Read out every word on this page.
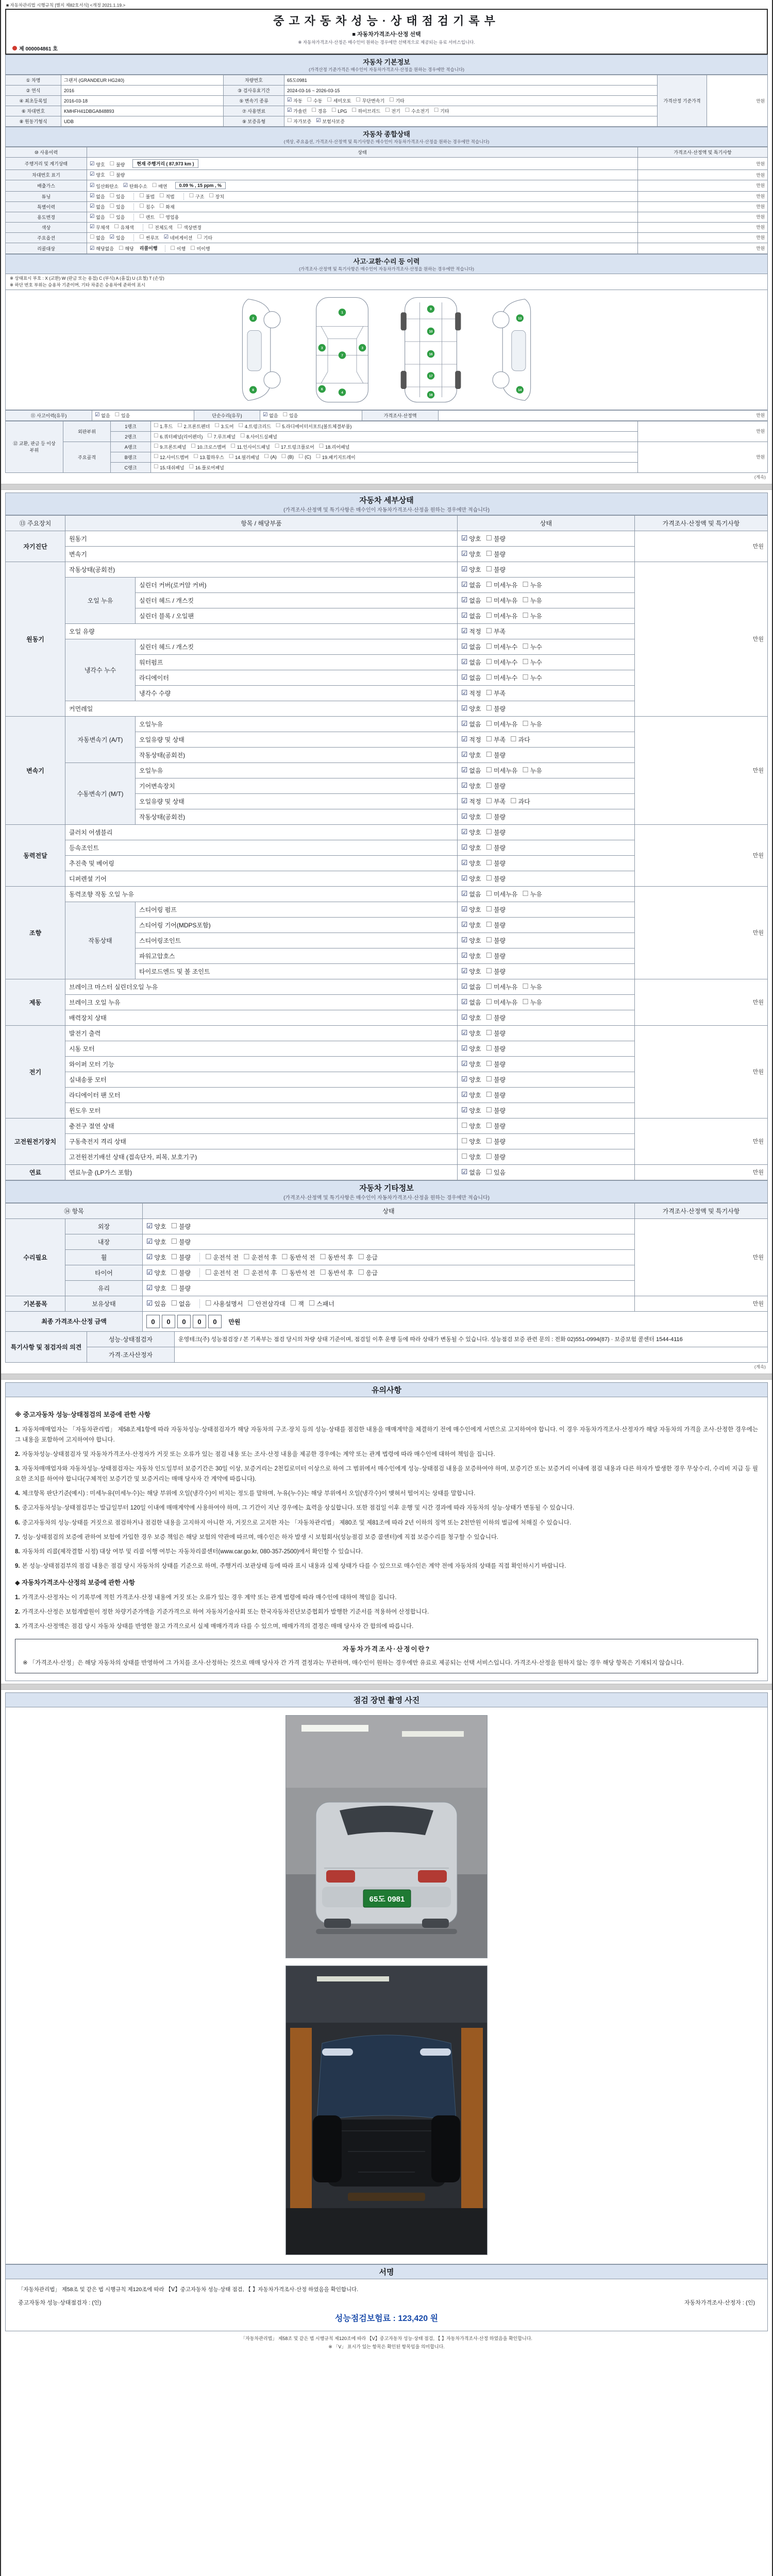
■ 자동차관리법 시행규칙 [별지 제82호서식] <개정 2021.1.19.>
중고자동차성능·상태점검기록부
■ 자동차가격조사·산정 선택
※ 자동차가격조사·산정은 매수인이 원하는 경우에만 선택적으로 제공되는 유료 서비스입니다.
제 000004861 호
자동차 기본정보
(가격산정 기준가격은 매수인이 자동차가격조사·산정을 원하는 경우에만 적습니다)
① 차명	그랜저 (GRANDEUR HG240)	차량번호	65도0981	가격산정 기준가격	만원
② 연식	2016	③ 검사유효기간	2024-03-16 ~ 2026-03-15		
④ 최초등록일	2016-03-18	⑤ 변속기 종류	☑ 자동 ☐ 수동 ☐ 세미오토 ☐ 무단변속기 ☐ 기타
⑥ 차대번호	KMHFH41DBGA848893	⑦ 사용연료	☑ 가솔린 ☐ 경유 ☐ LPG ☐ 하이브리드 ☐ 전기 ☐ 수소전기 ☐ 기타
⑧ 원동기형식	UDB	⑨ 보증유형	☐ 자가보증 ☑ 보험사보증		
자동차 종합상태
(색상, 주요옵션, 가격조사·산정액 및 특기사항은 매수인이 자동차가격조사·산정을 원하는 경우에만 적습니다)
⑩ 사용이력	상태	가격조사·산정액 및 특기사항
주행거리 및 계기상태	☑ 양호 ☐ 불량 현재 주행거리 ( 87,973 km )	만원
차대번호 표기	☑ 양호 ☐ 불량	만원
배출가스	☑ 일산화탄소 ☑ 탄화수소 ☐ 매연	0.09 % , 15 ppm , %	만원
튜닝	☑ 없음 ☐ 있음	☐ 불법 ☐ 적법	☐ 구조 ☐ 장치	만원
특별이력	☑ 없음 ☐ 있음	☐ 침수 ☐ 화재	만원
용도변경	☑ 없음 ☐ 있음	☐ 렌트 ☐ 영업용	만원
색상	☑ 무채색 ☐ 유채색	☐ 전체도색 ☐ 색상변경	만원
주요옵션	☐ 없음 ☑ 있음	☐ 썬루프 ☑ 네비게이션 ☐ 기타	만원
리콜대상	☑ 해당없음 ☐ 해당 리콜이행 ☐ 이행 ☐ 미이행	만원
사고·교환·수리 등 이력
(가격조사·산정액 및 특기사항은 매수인이 자동차가격조사·산정을 원하는 경우에만 적습니다)
※ 상태표시 부호 : X (교환) W (판금 또는 용접) C (부식) A (흠집) U (요철) T (손상)
※ 하단 번호 부위는 승용차 기준이며, 기타 차종은 승용차에 준하여 표시
2
8
1
3	3
7
6
4
9
10
16
17
18
13
14
⑪ 사고이력(유무)	☑ 없음 ☐ 있음	단순수리(유무)	☑ 없음 ☐ 있음	가격조사·산정액	만원
⑫ 교환, 판금 등 이상 부위	외판부위	1랭크	☐ 1.후드 ☐ 2.프론트펜더 ☐ 3.도어 ☐ 4.트렁크리드 ☐ 5.라디에이터서포트(볼트체결부품)	만원
2랭크	☐ 6.쿼터패널(리어펜더) ☐ 7.루프패널 ☐ 8.사이드실패널
주요골격	A랭크	☐ 9.프론트패널 ☐ 10.크로스멤버 ☐ 11.인사이드패널 ☐ 17.트렁크플로어 ☐ 18.리어패널	만원
B랭크	☐ 12.사이드멤버 ☐ 13.휠하우스 ☐ 14.필러패널 ☐ (A) ☐ (B) ☐ (C) ☐ 19.패키지트레이
		C랭크	☐ 15.대쉬패널 ☐ 16.플로어패널	
(계속)
자동차 세부상태
(가격조사·산정액 및 특기사항은 매수인이 자동차가격조사·산정을 원하는 경우에만 적습니다)
⑬ 주요장치	항목 / 해당부품		상태	가격조사·산정액 및 특기사항
자기진단	원동기		☑ 양호 ☐ 불량	만원
	변속기		☑ 양호 ☐ 불량	
원동기	작동상태(공회전)		☑ 양호 ☐ 불량	만원
오일 누유	실린더 커버(로커암 커버)	☑ 없음 ☐ 미세누유 ☐ 누유
실린더 헤드 / 개스킷	☑ 없음 ☐ 미세누유 ☐ 누유
실린더 블록 / 오일팬	☑ 없음 ☐ 미세누유 ☐ 누유
	오일 유량		☑ 적정 ☐ 부족	
냉각수 누수	실린더 헤드 / 개스킷	☑ 없음 ☐ 미세누수 ☐ 누수
워터펌프	☑ 없음 ☐ 미세누수 ☐ 누수
라디에이터	☑ 없음 ☐ 미세누수 ☐ 누수
		냉각수 수량	☑ 적정 ☐ 부족	
	커먼레일		☑ 양호 ☐ 불량	
변속기	자동변속기 (A/T)	오일누유	☑ 없음 ☐ 미세누유 ☐ 누유	만원
오일유량 및 상태	☑ 적정 ☐ 부족 ☐ 과다
		작동상태(공회전)	☑ 양호 ☐ 불량	
수동변속기 (M/T)	오일누유	☑ 없음 ☐ 미세누유 ☐ 누유
		기어변속장치	☑ 양호 ☐ 불량	
오일유량 및 상태	☑ 적정 ☐ 부족 ☐ 과다
		작동상태(공회전)	☑ 양호 ☐ 불량	
동력전달	클러치 어셈블리		☑ 양호 ☐ 불량	만원
	등속조인트		☑ 양호 ☐ 불량	
	추진축 및 베어링		☑ 양호 ☐ 불량	
	디퍼렌셜 기어		☑ 양호 ☐ 불량	
조향	동력조향 작동 오일 누유	☑ 없음 ☐ 미세누유 ☐ 누유	만원
	작동상태	스티어링 펌프	☑ 양호 ☐ 불량	
		스티어링 기어(MDPS포함)	☑ 양호 ☐ 불량	
		스티어링조인트	☑ 양호 ☐ 불량	
		파워고압호스	☑ 양호 ☐ 불량	
		타이로드엔드 및 볼 조인트	☑ 양호 ☐ 불량	
제동	브레이크 마스터 실린더오일 누유	☑ 없음 ☐ 미세누유 ☐ 누유	만원
브레이크 오일 누유	☑ 없음 ☐ 미세누유 ☐ 누유
	배력장치 상태		☑ 양호 ☐ 불량	
전기	발전기 출력		☑ 양호 ☐ 불량	만원
	시동 모터		☑ 양호 ☐ 불량	
	와이퍼 모터 기능		☑ 양호 ☐ 불량	
	실내송풍 모터		☑ 양호 ☐ 불량	
	라디에이터 팬 모터		☑ 양호 ☐ 불량	
	윈도우 모터		☑ 양호 ☐ 불량	
고전원전기장치	충전구 절연 상태		☐ 양호 ☐ 불량	만원
	구동축전지 격리 상태		☐ 양호 ☐ 불량	
	고전원전기배선 상태 (접속단자, 피복, 보호기구)		☐ 양호 ☐ 불량	
연료	연료누출 (LP가스 포함)		☑ 없음 ☐ 있음	만원
자동차 기타정보
(가격조사·산정액 및 특기사항은 매수인이 자동차가격조사·산정을 원하는 경우에만 적습니다)
⑭ 항목		상태	가격조사·산정액 및 특기사항
수리필요	외장	☑ 양호 ☐ 불량	만원
	내장	☑ 양호 ☐ 불량	
휠	☑ 양호 ☐ 불량 ☐ 운전석 전 ☐ 운전석 후 ☐ 동반석 전 ☐ 동반석 후 ☐ 응급
타이어	☑ 양호 ☐ 불량 ☐ 운전석 전 ☐ 운전석 후 ☐ 동반석 전 ☐ 동반석 후 ☐ 응급
	유리	☑ 양호 ☐ 불량	
기본품목	보유상태	☑ 있음 ☐ 없음 ☐ 사용설명서 ☐ 안전삼각대 ☐ 잭 ☐ 스패너	만원
최종 가격조사·산정 금액	0 0 0 0 0 만원
특기사항 및 점검자의 의견	성능·상태점검자	운영테크(주) 성능점검장 / 본 기록부는 점검 당시의 차량 상태 기준이며, 점검일 이후 운행 등에 따라 상태가 변동될 수 있습니다. 성능점검 보증 관련 문의 : 전화 02)551-0994(87) · 보증보험 콜센터 1544-4116
	가격·조사산정자	
(계속)
유의사항
※ 중고자동차 성능·상태점검의 보증에 관한 사항
1. 자동차매매업자는 「자동차관리법」 제58조제1항에 따라 자동차성능·상태점검자가 해당 자동차의 구조·장치 등의 성능·상태를 점검한 내용을 매매계약을 체결하기 전에 매수인에게 서면으로 고지하여야 합니다. 이 경우 자동차가격조사·산정자가 해당 자동차의 가격을 조사·산정한 경우에는 그 내용을 포함하여 고지하여야 합니다.
2. 자동차성능·상태점검자 및 자동차가격조사·산정자가 거짓 또는 오류가 있는 점검 내용 또는 조사·산정 내용을 제공한 경우에는 계약 또는 관계 법령에 따라 매수인에 대하여 책임을 집니다.
3. 자동차매매업자와 자동차성능·상태점검자는 자동차 인도일부터 보증기간은 30일 이상, 보증거리는 2천킬로미터 이상으로 하여 그 범위에서 매수인에게 성능·상태점검 내용을 보증하여야 하며, 보증기간 또는 보증거리 이내에 점검 내용과 다른 하자가 발생한 경우 무상수리, 수리비 지급 등 필요한 조치를 하여야 합니다(구체적인 보증기간 및 보증거리는 매매 당사자 간 계약에 따릅니다).
4. 체크항목 판단기준(예시) : 미세누유(미세누수)는 해당 부위에 오일(냉각수)이 비치는 정도를 말하며, 누유(누수)는 해당 부위에서 오일(냉각수)이 맺혀서 떨어지는 상태를 말합니다.
5. 중고자동차성능·상태점검부는 발급일부터 120일 이내에 매매계약에 사용하여야 하며, 그 기간이 지난 경우에는 효력을 상실합니다. 또한 점검일 이후 운행 및 시간 경과에 따라 자동차의 성능·상태가 변동될 수 있습니다.
6. 중고자동차의 성능·상태를 거짓으로 점검하거나 점검한 내용을 고지하지 아니한 자, 거짓으로 고지한 자는 「자동차관리법」 제80조 및 제81조에 따라 2년 이하의 징역 또는 2천만원 이하의 벌금에 처해질 수 있습니다.
7. 성능·상태점검의 보증에 관하여 보험에 가입한 경우 보증 책임은 해당 보험의 약관에 따르며, 매수인은 하자 발생 시 보험회사(성능점검 보증 콜센터)에 직접 보증수리를 청구할 수 있습니다.
8. 자동차의 리콜(제작결함 시정) 대상 여부 및 리콜 이행 여부는 자동차리콜센터(www.car.go.kr, 080-357-2500)에서 확인할 수 있습니다.
9. 본 성능·상태점검부의 점검 내용은 점검 당시 자동차의 상태를 기준으로 하며, 주행거리·보관상태 등에 따라 표시 내용과 실제 상태가 다를 수 있으므로 매수인은 계약 전에 자동차의 상태를 직접 확인하시기 바랍니다.
◆ 자동차가격조사·산정의 보증에 관한 사항
1. 가격조사·산정자는 이 기록부에 적힌 가격조사·산정 내용에 거짓 또는 오류가 있는 경우 계약 또는 관계 법령에 따라 매수인에 대하여 책임을 집니다.
2. 가격조사·산정은 보험개발원이 정한 차량기준가액을 기준가격으로 하여 자동차기술사회 또는 한국자동차진단보증협회가 발행한 기준서를 적용하여 산정합니다.
3. 가격조사·산정액은 점검 당시 자동차 상태를 반영한 참고 가격으로서 실제 매매가격과 다를 수 있으며, 매매가격의 결정은 매매 당사자 간 합의에 따릅니다.
자동차가격조사·산정이란?
※ 「가격조사·산정」은 해당 자동차의 상태를 반영하여 그 가치를 조사·산정하는 것으로 매매 당사자 간 가격 결정과는 무관하며, 매수인이 원하는 경우에만 유료로 제공되는 선택 서비스입니다. 가격조사·산정을 원하지 않는 경우 해당 항목은 기재되지 않습니다.
점검 장면 촬영 사진
65도 0981
서명
「자동차관리법」 제58조 및 같은 법 시행규칙 제120조에 따라 【Ⅴ】중고자동차 성능·상태 점검, 【 】자동차가격조사·산정 하였음을 확인합니다.
중고자동차 성능·상태점검자 : (인)	자동차가격조사·산정자 : (인)
성능점검보험료 : 123,420 원
「자동차관리법」 제58조 및 같은 법 시행규칙 제120조에 따라 【Ⅴ】중고자동차 성능·상태 점검, 【 】자동차가격조사·산정 하였음을 확인합니다.
※ 「Ⅴ」 표시가 있는 항목은 확인된 항목임을 의미합니다.
